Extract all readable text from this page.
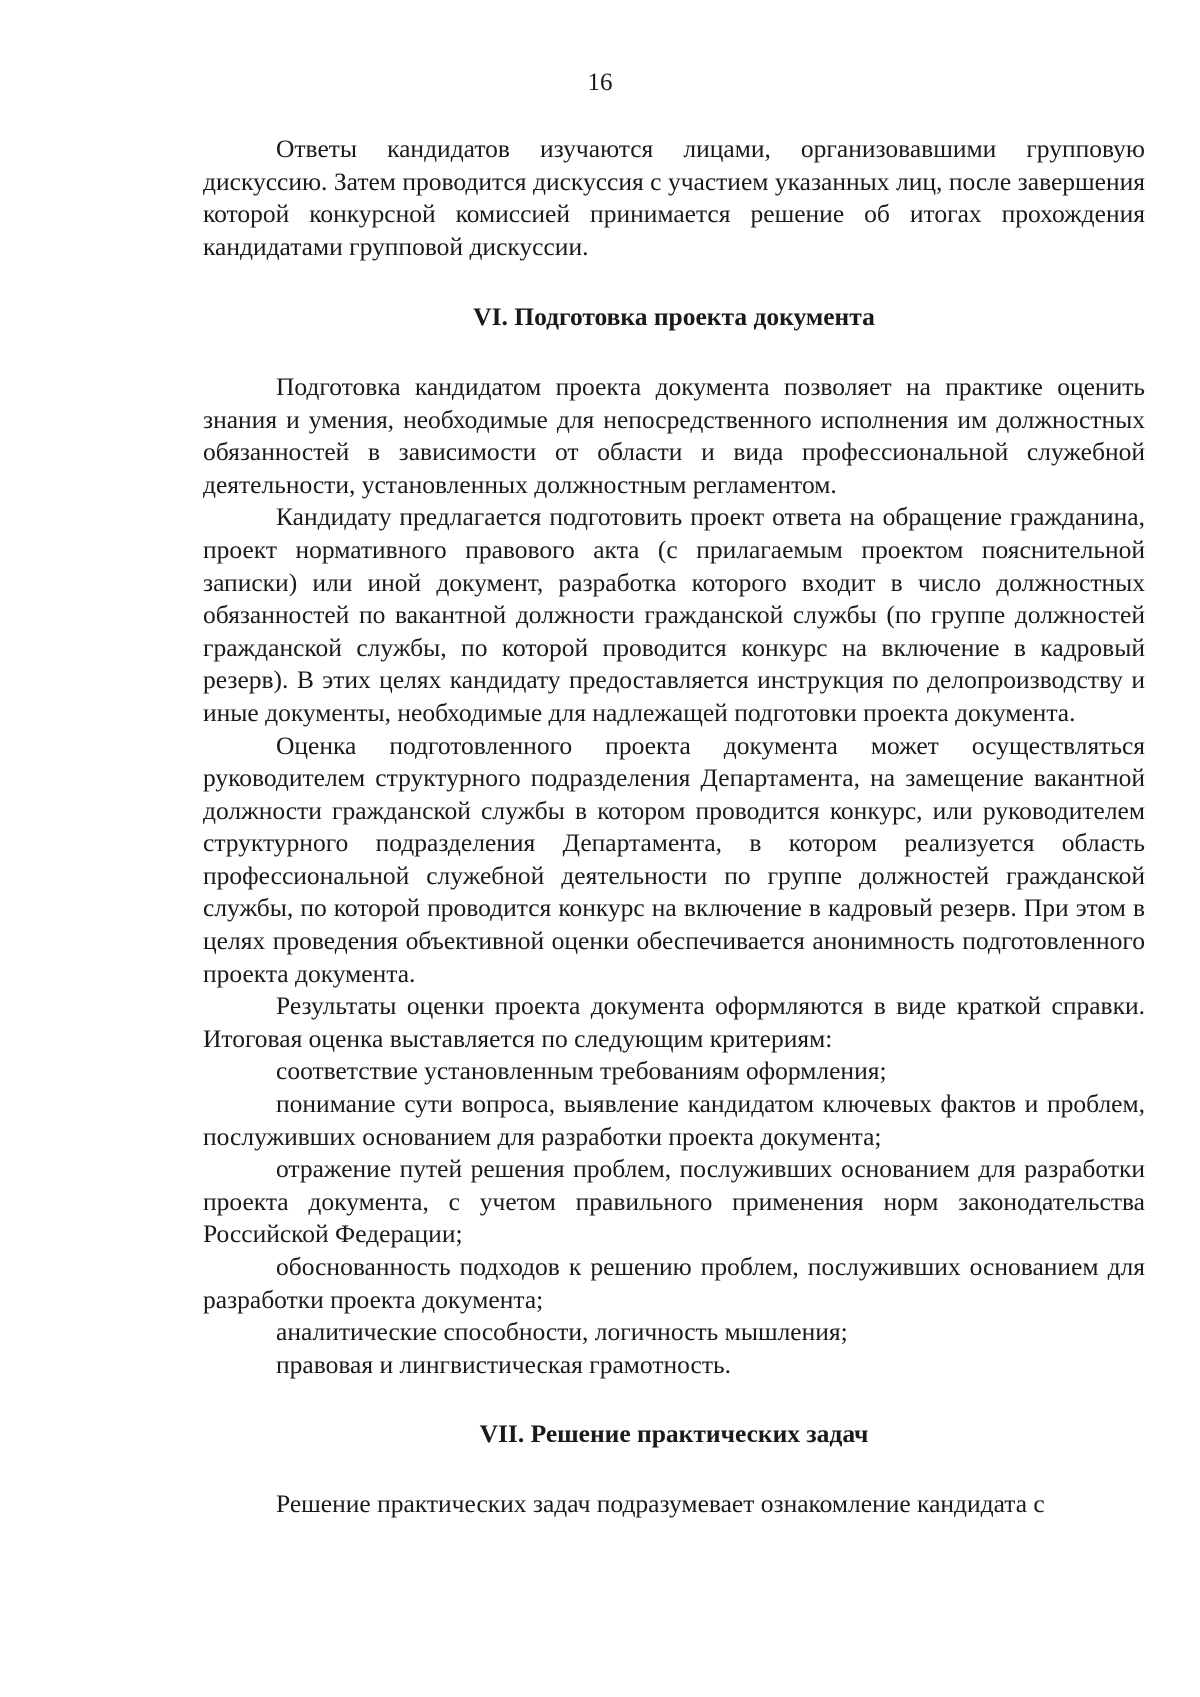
16

Ответы кандидатов изучаются лицами, организовавшими групповую дискуссию. Затем проводится дискуссия с участием указанных лиц, после завершения которой конкурсной комиссией принимается решение об итогах прохождения кандидатами групповой дискуссии.

VI. Подготовка проекта документа

Подготовка кандидатом проекта документа позволяет на практике оценить знания и умения, необходимые для непосредственного исполнения им должностных обязанностей в зависимости от области и вида профессиональной служебной деятельности, установленных должностным регламентом.

Кандидату предлагается подготовить проект ответа на обращение гражданина, проект нормативного правового акта (с прилагаемым проектом пояснительной записки) или иной документ, разработка которого входит в число должностных обязанностей по вакантной должности гражданской службы (по группе должностей гражданской службы, по которой проводится конкурс на включение в кадровый резерв). В этих целях кандидату предоставляется инструкция по делопроизводству и иные документы, необходимые для надлежащей подготовки проекта документа.

Оценка подготовленного проекта документа может осуществляться руководителем структурного подразделения Департамента, на замещение вакантной должности гражданской службы в котором проводится конкурс, или руководителем структурного подразделения Департамента, в котором реализуется область профессиональной служебной деятельности по группе должностей гражданской службы, по которой проводится конкурс на включение в кадровый резерв. При этом в целях проведения объективной оценки обеспечивается анонимность подготовленного проекта документа.

Результаты оценки проекта документа оформляются в виде краткой справки. Итоговая оценка выставляется по следующим критериям:

соответствие установленным требованиям оформления;

понимание сути вопроса, выявление кандидатом ключевых фактов и проблем, послуживших основанием для разработки проекта документа;

отражение путей решения проблем, послуживших основанием для разработки проекта документа, с учетом правильного применения норм законодательства Российской Федерации;

обоснованность подходов к решению проблем, послуживших основанием для разработки проекта документа;

аналитические способности, логичность мышления;

правовая и лингвистическая грамотность.

VII. Решение практических задач

Решение практических задач подразумевает ознакомление кандидата с
